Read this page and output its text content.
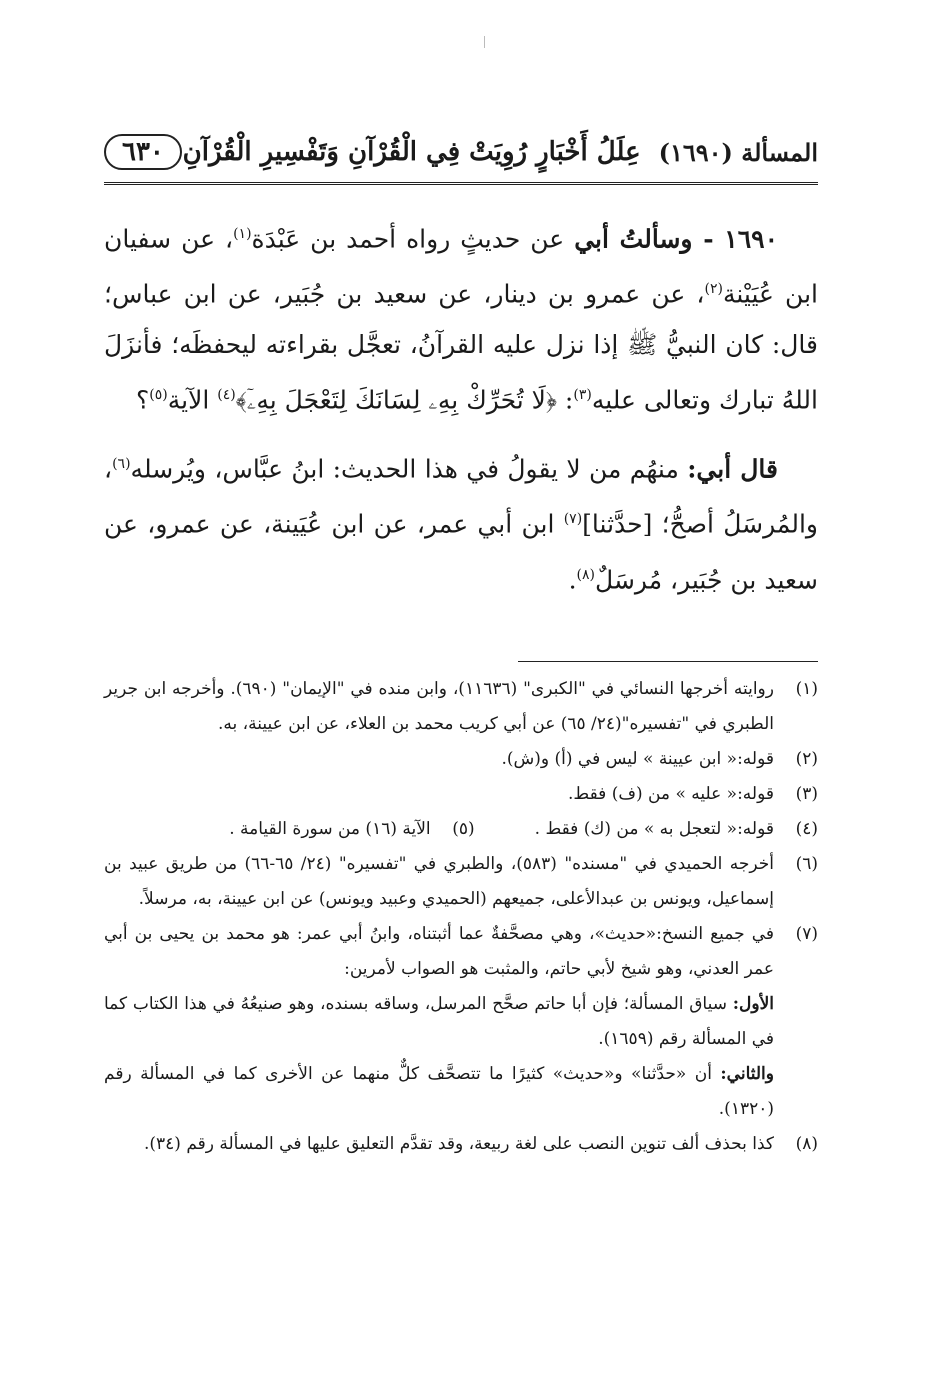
المسألة (١٦٩٠)
عِلَلُ أَخْبَارٍ رُوِيَتْ فِي الْقُرْآنِ وَتَفْسِيرِ الْقُرْآنِ
٦٣٠

١٦٩٠ - وسألتُ أبي عن حديثٍ رواه أحمد بن عَبْدَة$^{(١)}$، عن سفيان ابن عُيَيْنة$^{(٢)}$، عن عمرو بن دينار، عن سعيد بن جُبَير، عن ابن عباس؛ قال: كان النبيُّ ﷺ إذا نزل عليه القرآنُ، تعجَّل بقراءته ليحفظَه؛ فأنزَلَ اللهُ تبارك وتعالى عليه$^{(٣)}$: ﴿لَا تُحَرِّكْ بِهِۦ لِسَانَكَ لِتَعْجَلَ بِهِۦٓ﴾$^{(٤)}$ الآية$^{(٥)}$؟

قال أبي: منهُم من لا يقولُ في هذا الحديث: ابنُ عبَّاس، ويُرسله$^{(٦)}$، والمُرسَلُ أصحُّ؛ [حدَّثنا]$^{(٧)}$ ابن أبي عمر، عن ابن عُيَينة، عن عمرو، عن سعيد بن جُبَير، مُرسَلٌ$^{(٨)}$.

(١)
روايته أخرجها النسائي في "الكبرى" (١١٦٣٦)، وابن منده في "الإيمان" (٦٩٠). وأخرجه ابن جرير الطبري في "تفسيره"(٢٤/ ٦٥) عن أبي كريب محمد بن العلاء، عن ابن عيينة، به.
(٢)
قوله:« ابن عيينة » ليس في (أ) و(ش).
(٣)
قوله:« عليه » من (ف) فقط.
(٤)
قوله:« لتعجل به » من (ك) فقط .
(٥)
الآية (١٦) من سورة القيامة .
(٦)
أخرجه الحميدي في "مسنده" (٥٨٣)، والطبري في "تفسيره" (٢٤/ ٦٥-٦٦) من طريق عبيد بن إسماعيل، ويونس بن عبدالأعلى، جميعهم (الحميدي وعبيد ويونس) عن ابن عيينة، به، مرسلاً.
(٧)
في جميع النسخ:«حديث»، وهي مصحَّفةٌ عما أثبتناه، وابنُ أبي عمر: هو محمد بن يحيى بن أبي عمر العدني، وهو شيخ لأبي حاتم، والمثبت هو الصواب لأمرين:
الأول: سياق المسألة؛ فإن أبا حاتم صحَّح المرسل، وساقه بسنده، وهو صنيعُهُ في هذا الكتاب كما في المسألة رقم (١٦٥٩).
والثاني: أن «حدَّثنا» و«حديث» كثيرًا ما تتصحَّف كلٌّ منهما عن الأخرى كما في المسألة رقم (١٣٢٠).
(٨)
كذا بحذف ألف تنوين النصب على لغة ربيعة، وقد تقدَّم التعليق عليها في المسألة رقم (٣٤).
